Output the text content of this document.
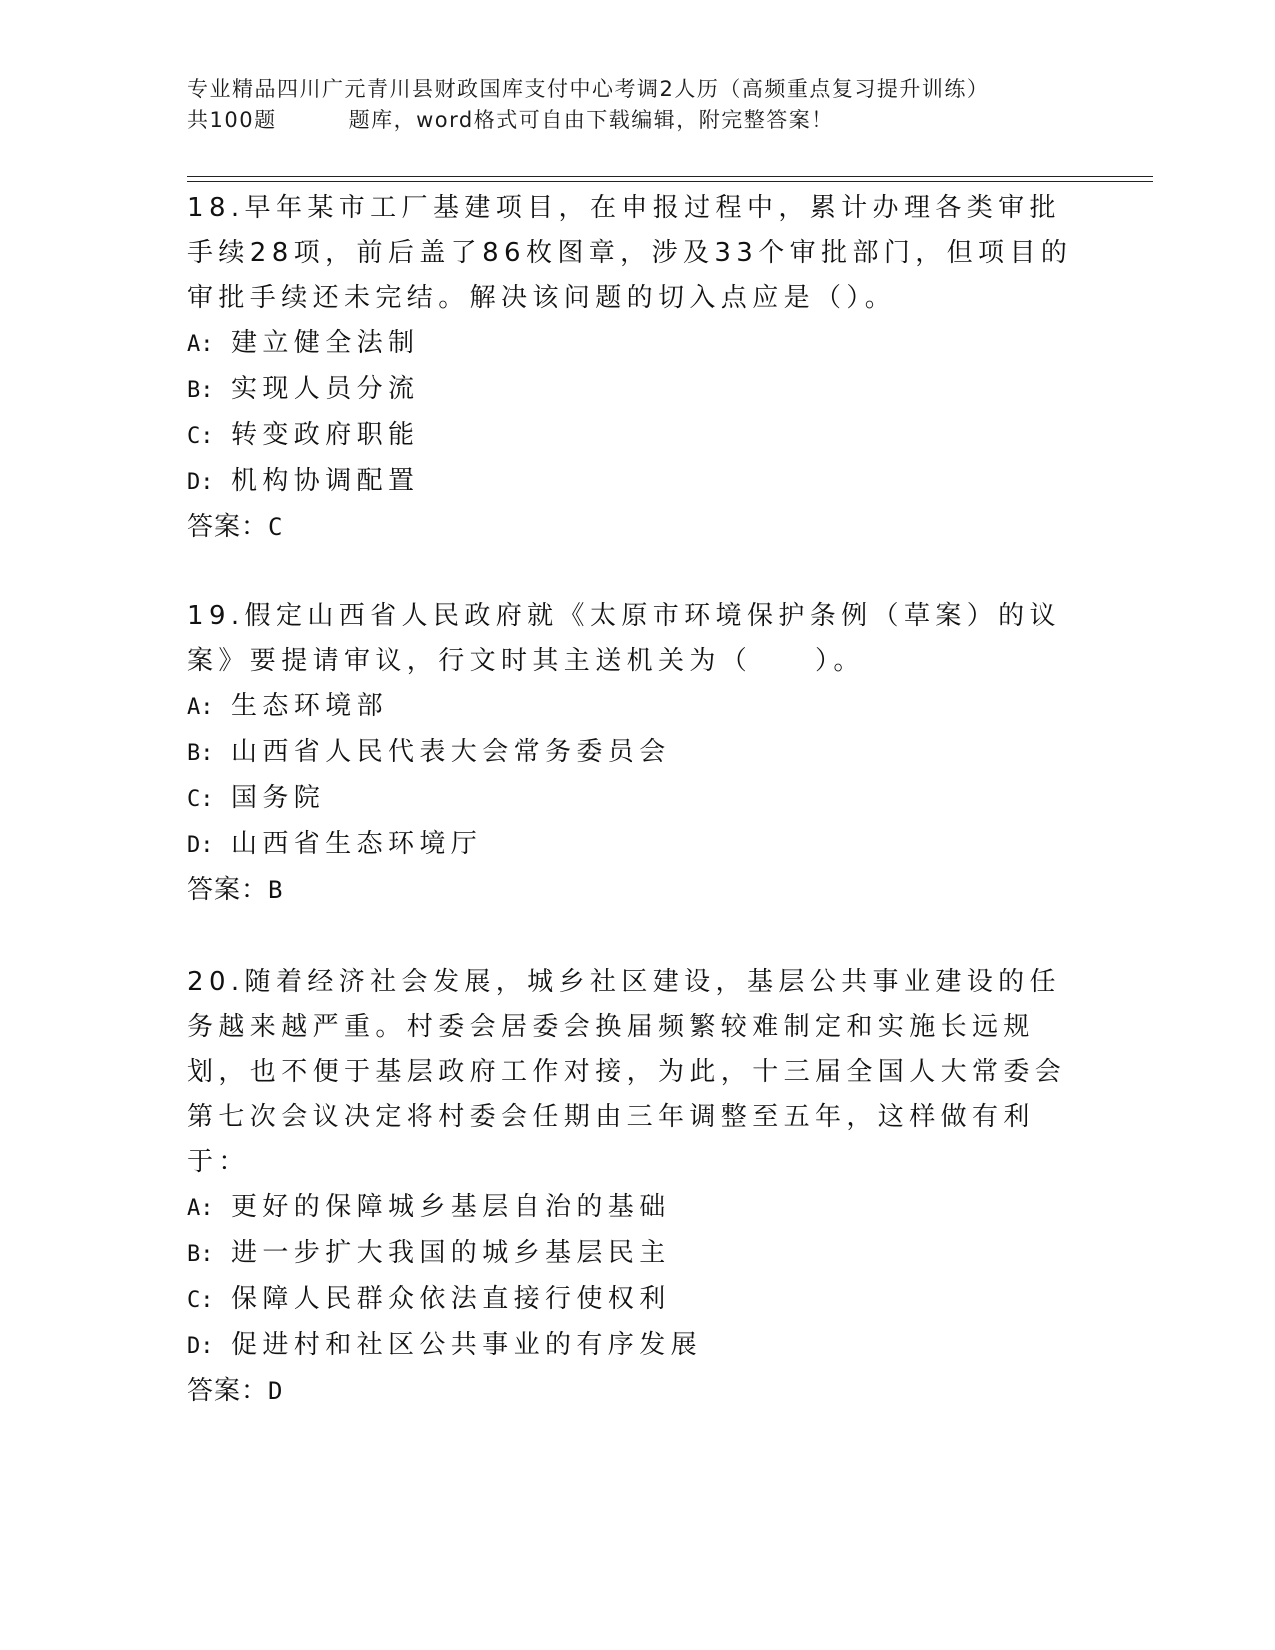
专业精品四川广元青川县财政国库支付中心考调2人历（高频重点复习提升训练）
共100题	题库，word格式可自由下载编辑，附完整答案！

18.早年某市工厂基建项目，在申报过程中，累计办理各类审批手续28项，前后盖了86枚图章，涉及33个审批部门，但项目的审批手续还未完结。解决该问题的切入点应是（）。

A: 建立健全法制

B: 实现人员分流

C: 转变政府职能

D: 机构协调配置

答案：C

19.假定山西省人民政府就《太原市环境保护条例（草案）的议案》要提请审议，行文时其主送机关为（　　）。

A: 生态环境部

B: 山西省人民代表大会常务委员会

C: 国务院

D: 山西省生态环境厅

答案：B

20.随着经济社会发展，城乡社区建设，基层公共事业建设的任务越来越严重。村委会居委会换届频繁较难制定和实施长远规划，也不便于基层政府工作对接，为此，十三届全国人大常委会第七次会议决定将村委会任期由三年调整至五年，这样做有利于：

A: 更好的保障城乡基层自治的基础

B: 进一步扩大我国的城乡基层民主

C: 保障人民群众依法直接行使权利

D: 促进村和社区公共事业的有序发展

答案：D
